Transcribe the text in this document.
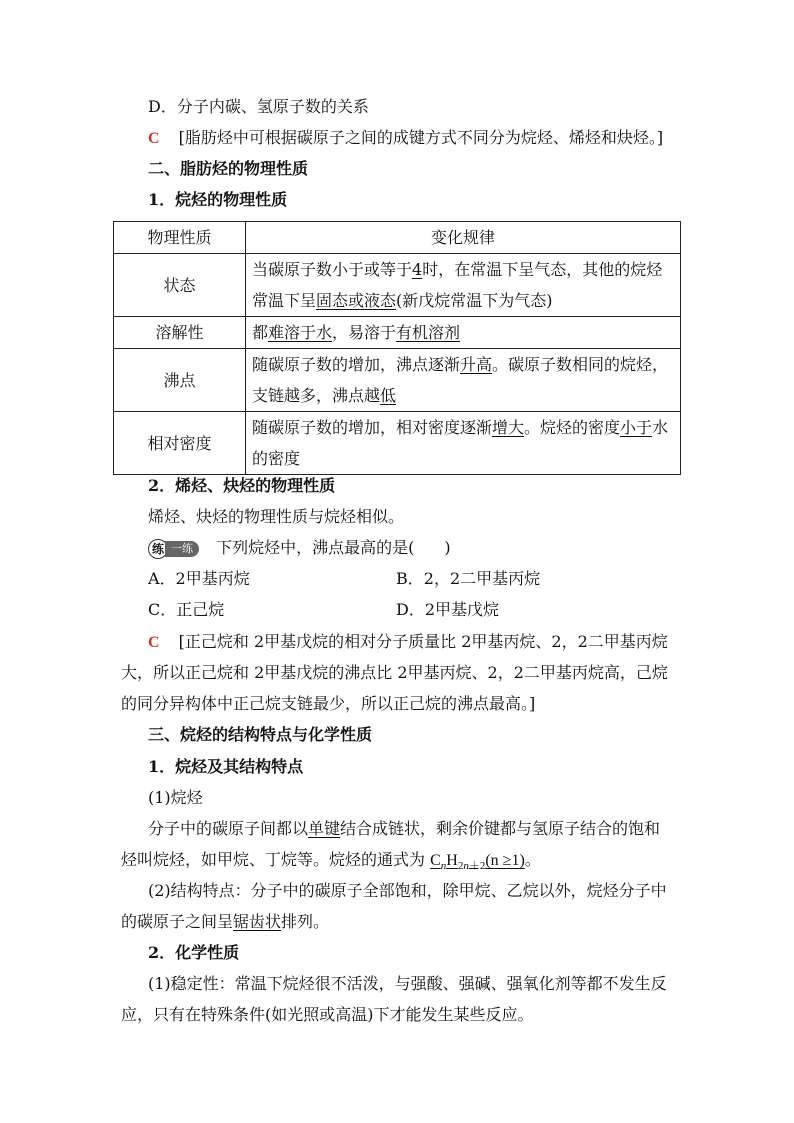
D．分子内碳、氢原子数的关系
C [脂肪烃中可根据碳原子之间的成键方式不同分为烷烃、烯烃和炔烃。]
二、脂肪烃的物理性质
1．烷烃的物理性质
物理性质	变化规律
状态	当碳原子数小于或等于4时，在常温下呈气态，其他的烷烃
常温下呈固态或液态(新戊烷常温下为气态)
溶解性	都难溶于水，易溶于有机溶剂
沸点	随碳原子数的增加，沸点逐渐升高。碳原子数相同的烷烃，
支链越多，沸点越低
相对密度	随碳原子数的增加，相对密度逐渐增大。烷烃的密度小于水
的密度
2．烯烃、炔烃的物理性质
烯烃、炔烃的物理性质与烷烃相似。
练 一练 下列烷烃中，沸点最高的是( )
A．2甲基丙烷	B．2，2二甲基丙烷
C．正己烷	D．2甲基戊烷
C [正己烷和 2甲基戊烷的相对分子质量比 2甲基丙烷、2，2二甲基丙烷
大，所以正己烷和 2甲基戊烷的沸点比 2甲基丙烷、2，2二甲基丙烷高，己烷
的同分异构体中正己烷支链最少，所以正己烷的沸点最高。]
三、烷烃的结构特点与化学性质
1．烷烃及其结构特点
(1)烷烃
分子中的碳原子间都以单键结合成链状，剩余价键都与氢原子结合的饱和
烃叫烷烃，如甲烷、丁烷等。烷烃的通式为 $C_nH_{2n+2}(n \ge 1)$。
(2)结构特点：分子中的碳原子全部饱和，除甲烷、乙烷以外，烷烃分子中
的碳原子之间呈锯齿状排列。
2．化学性质
(1)稳定性：常温下烷烃很不活泼，与强酸、强碱、强氧化剂等都不发生反
应，只有在特殊条件(如光照或高温)下才能发生某些反应。
